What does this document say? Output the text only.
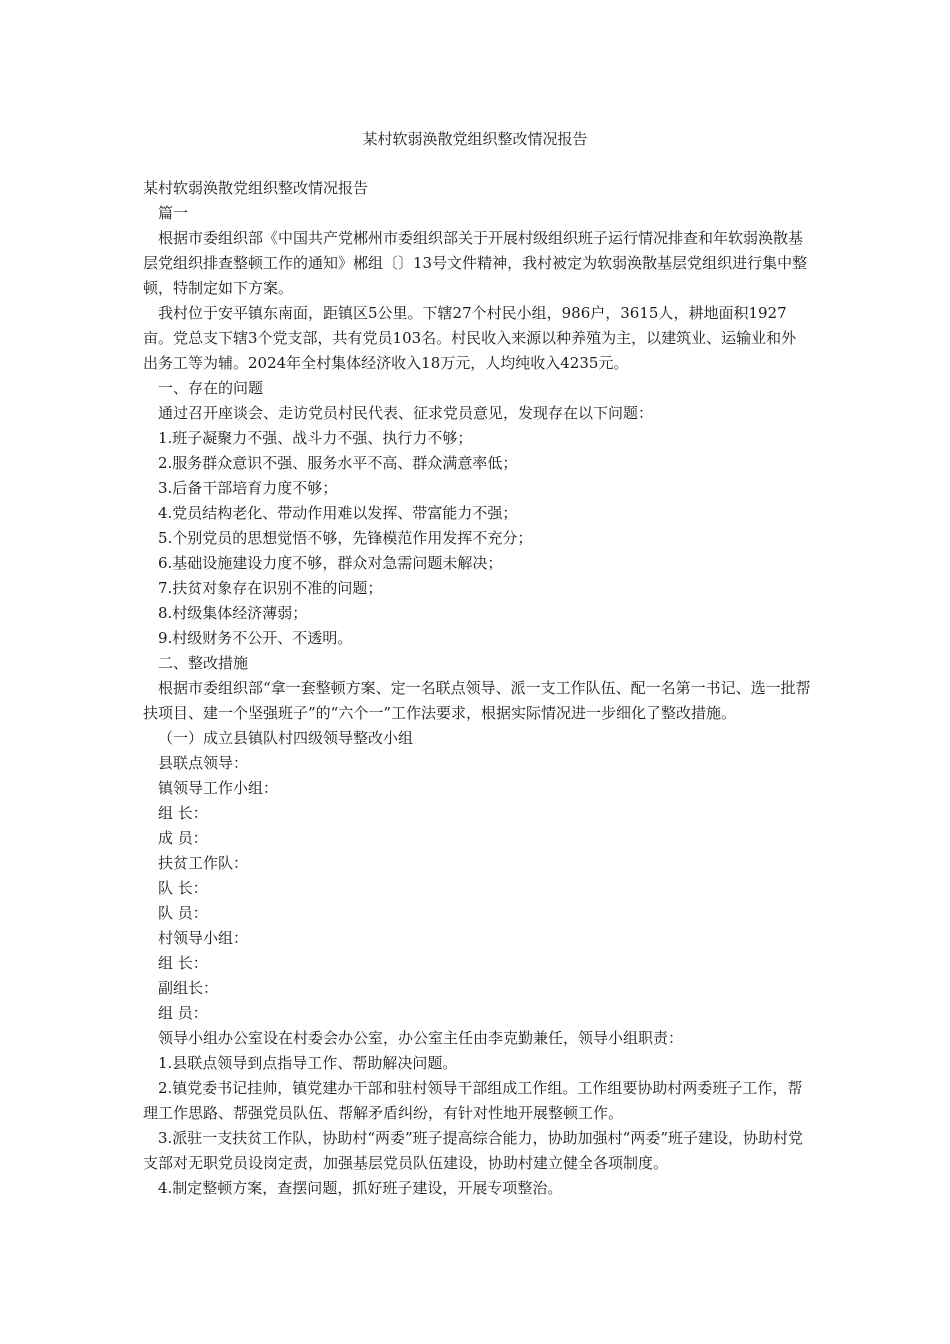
某村软弱涣散党组织整改情况报告

某村软弱涣散党组织整改情况报告

篇一

根据市委组织部《中国共产党郴州市委组织部关于开展村级组织班子运行情况排查和年软弱涣散基层党组织排查整顿工作的通知》郴组〔〕13号文件精神，我村被定为软弱涣散基层党组织进行集中整顿，特制定如下方案。

我村位于安平镇东南面，距镇区5公里。下辖27个村民小组，986户，3615人，耕地面积1927亩。党总支下辖3个党支部，共有党员103名。村民收入来源以种养殖为主，以建筑业、运输业和外出务工等为辅。2024年全村集体经济收入18万元，人均纯收入4235元。

一、存在的问题

通过召开座谈会、走访党员村民代表、征求党员意见，发现存在以下问题：

1.班子凝聚力不强、战斗力不强、执行力不够；

2.服务群众意识不强、服务水平不高、群众满意率低；

3.后备干部培育力度不够；

4.党员结构老化、带动作用难以发挥、带富能力不强；

5.个别党员的思想觉悟不够，先锋模范作用发挥不充分；

6.基础设施建设力度不够，群众对急需问题未解决；

7.扶贫对象存在识别不准的问题；

8.村级集体经济薄弱；

9.村级财务不公开、不透明。

二、整改措施

根据市委组织部“拿一套整顿方案、定一名联点领导、派一支工作队伍、配一名第一书记、选一批帮扶项目、建一个坚强班子”的“六个一”工作法要求，根据实际情况进一步细化了整改措施。

（一）成立县镇队村四级领导整改小组

县联点领导：

镇领导工作小组：

组 长：

成 员：

扶贫工作队：

队 长：

队 员：

村领导小组：

组 长：

副组长：

组 员：

领导小组办公室设在村委会办公室，办公室主任由李克勤兼任，领导小组职责：

1.县联点领导到点指导工作、帮助解决问题。

2.镇党委书记挂帅，镇党建办干部和驻村领导干部组成工作组。工作组要协助村两委班子工作，帮理工作思路、帮强党员队伍、帮解矛盾纠纷，有针对性地开展整顿工作。

3.派驻一支扶贫工作队，协助村“两委”班子提高综合能力，协助加强村“两委”班子建设，协助村党支部对无职党员设岗定责，加强基层党员队伍建设，协助村建立健全各项制度。

4.制定整顿方案，查摆问题，抓好班子建设，开展专项整治。
